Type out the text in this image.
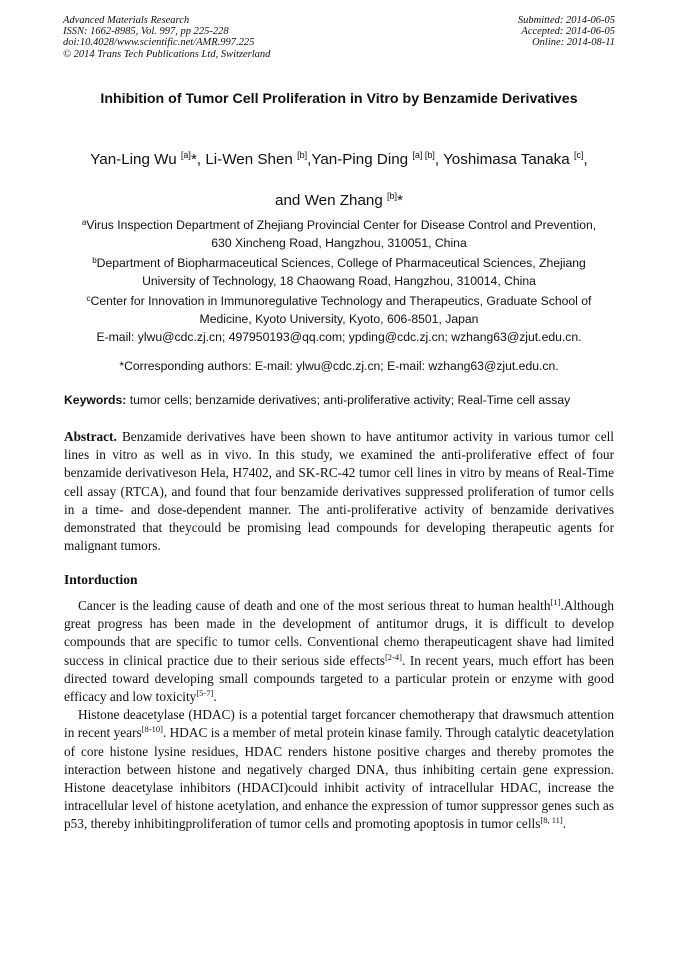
Advanced Materials Research
ISSN: 1662-8985, Vol. 997, pp 225-228
doi:10.4028/www.scientific.net/AMR.997.225
© 2014 Trans Tech Publications Ltd, Switzerland
Submitted: 2014-06-05
Accepted: 2014-06-05
Online: 2014-08-11
Inhibition of Tumor Cell Proliferation in Vitro by Benzamide Derivatives
Yan-Ling Wu [a]*, Li-Wen Shen [b],Yan-Ping Ding [a] [b], Yoshimasa Tanaka [c],
and Wen Zhang [b]*
$^a$Virus Inspection Department of Zhejiang Provincial Center for Disease Control and Prevention,
630 Xincheng Road, Hangzhou, 310051, China
$^b$Department of Biopharmaceutical Sciences, College of Pharmaceutical Sciences, Zhejiang
University of Technology, 18 Chaowang Road, Hangzhou, 310014, China
$^c$Center for Innovation in Immunoregulative Technology and Therapeutics, Graduate School of
Medicine, Kyoto University, Kyoto, 606-8501, Japan
E-mail: ylwu@cdc.zj.cn; 497950193@qq.com; ypding@cdc.zj.cn; wzhang63@zjut.edu.cn.
*Corresponding authors: E-mail: ylwu@cdc.zj.cn; E-mail: wzhang63@zjut.edu.cn.
Keywords: tumor cells; benzamide derivatives; anti-proliferative activity; Real-Time cell assay
Abstract. Benzamide derivatives have been shown to have antitumor activity in various tumor cell lines in vitro as well as in vivo. In this study, we examined the anti-proliferative effect of four benzamide derivativeson Hela, H7402, and SK-RC-42 tumor cell lines in vitro by means of Real-Time cell assay (RTCA), and found that four benzamide derivatives suppressed proliferation of tumor cells in a time- and dose-dependent manner. The anti-proliferative activity of benzamide derivatives demonstrated that theycould be promising lead compounds for developing therapeutic agents for malignant tumors.
Intorduction

Cancer is the leading cause of death and one of the most serious threat to human health[1].Although great progress has been made in the development of antitumor drugs, it is difficult to develop compounds that are specific to tumor cells. Conventional chemo therapeuticagent shave had limited success in clinical practice due to their serious side effects[2-4]. In recent years, much effort has been directed toward developing small compounds targeted to a particular protein or enzyme with good efficacy and low toxicity[5-7].

Histone deacetylase (HDAC) is a potential target forcancer chemotherapy that drawsmuch attention in recent years[8-10]. HDAC is a member of metal protein kinase family. Through catalytic deacetylation of core histone lysine residues, HDAC renders histone positive charges and thereby promotes the interaction between histone and negatively charged DNA, thus inhibiting certain gene expression. Histone deacetylase inhibitors (HDACI)could inhibit activity of intracellular HDAC, increase the intracellular level of histone acetylation, and enhance the expression of tumor suppressor genes such as p53, thereby inhibitingproliferation of tumor cells and promoting apoptosis in tumor cells[8, 11].
